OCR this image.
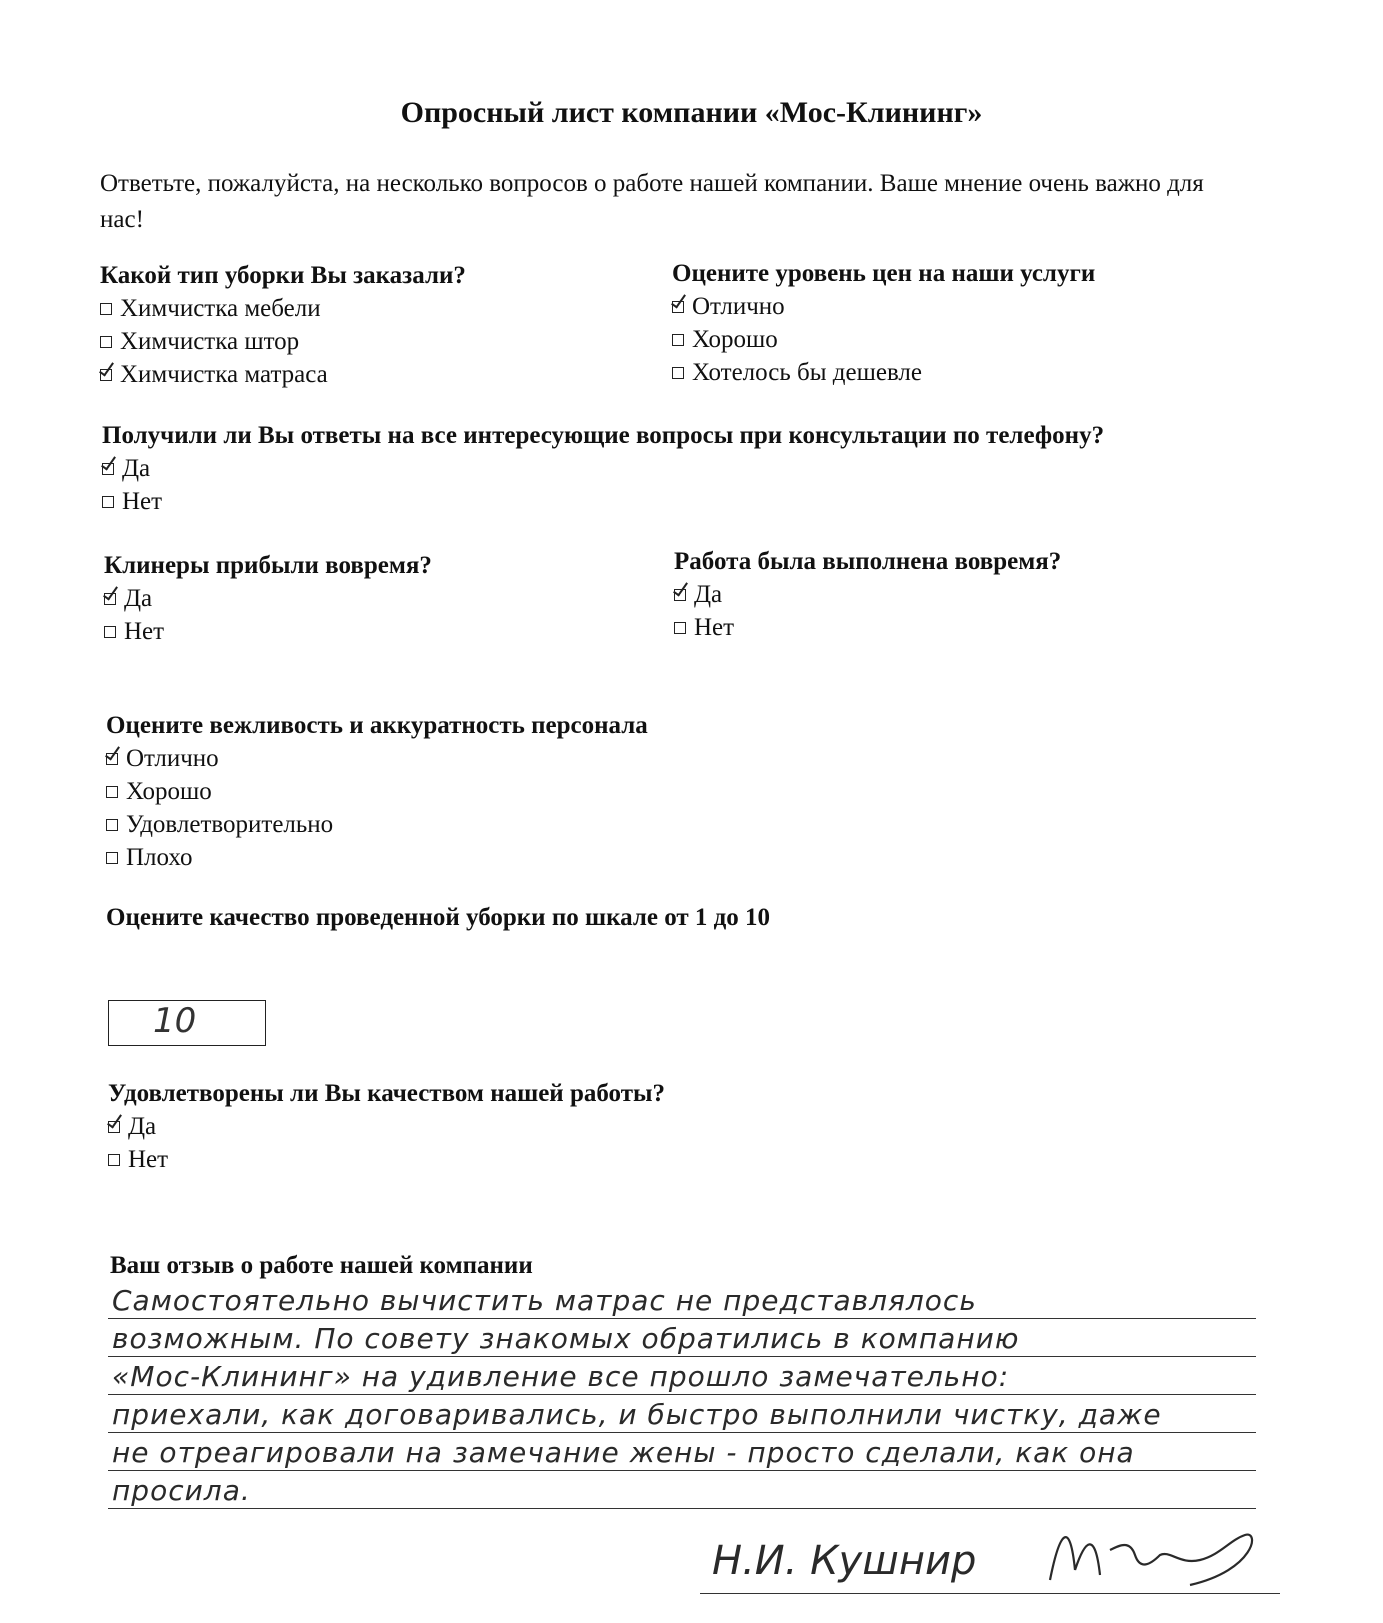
Опросный лист компании «Мос-Клининг»
Ответьте, пожалуйста, на несколько вопросов о работе нашей компании. Ваше мнение очень важно для нас!
Какой тип уборки Вы заказали?
Химчистка мебели
Химчистка штор
Химчистка матраса
Оцените уровень цен на наши услуги
Отлично
Хорошо
Хотелось бы дешевле
Получили ли Вы ответы на все интересующие вопросы при консультации по телефону?
Да
Нет
Клинеры прибыли вовремя?
Да
Нет
Работа была выполнена вовремя?
Да
Нет
Оцените вежливость и аккуратность персонала
Отлично
Хорошо
Удовлетворительно
Плохо
Оцените качество проведенной уборки по шкале от 1 до 10
10
Удовлетворены ли Вы качеством нашей работы?
Да
Нет
Ваш отзыв о работе нашей компании
Самостоятельно вычистить матрас не представлялось
возможным. По совету знакомых обратились в компанию
«Мос-Клининг» на удивление все прошло замечательно:
приехали, как договаривались, и быстро выполнили чистку, даже
не отреагировали на замечание жены - просто сделали, как она
просила.
Н.И. Кушнир
